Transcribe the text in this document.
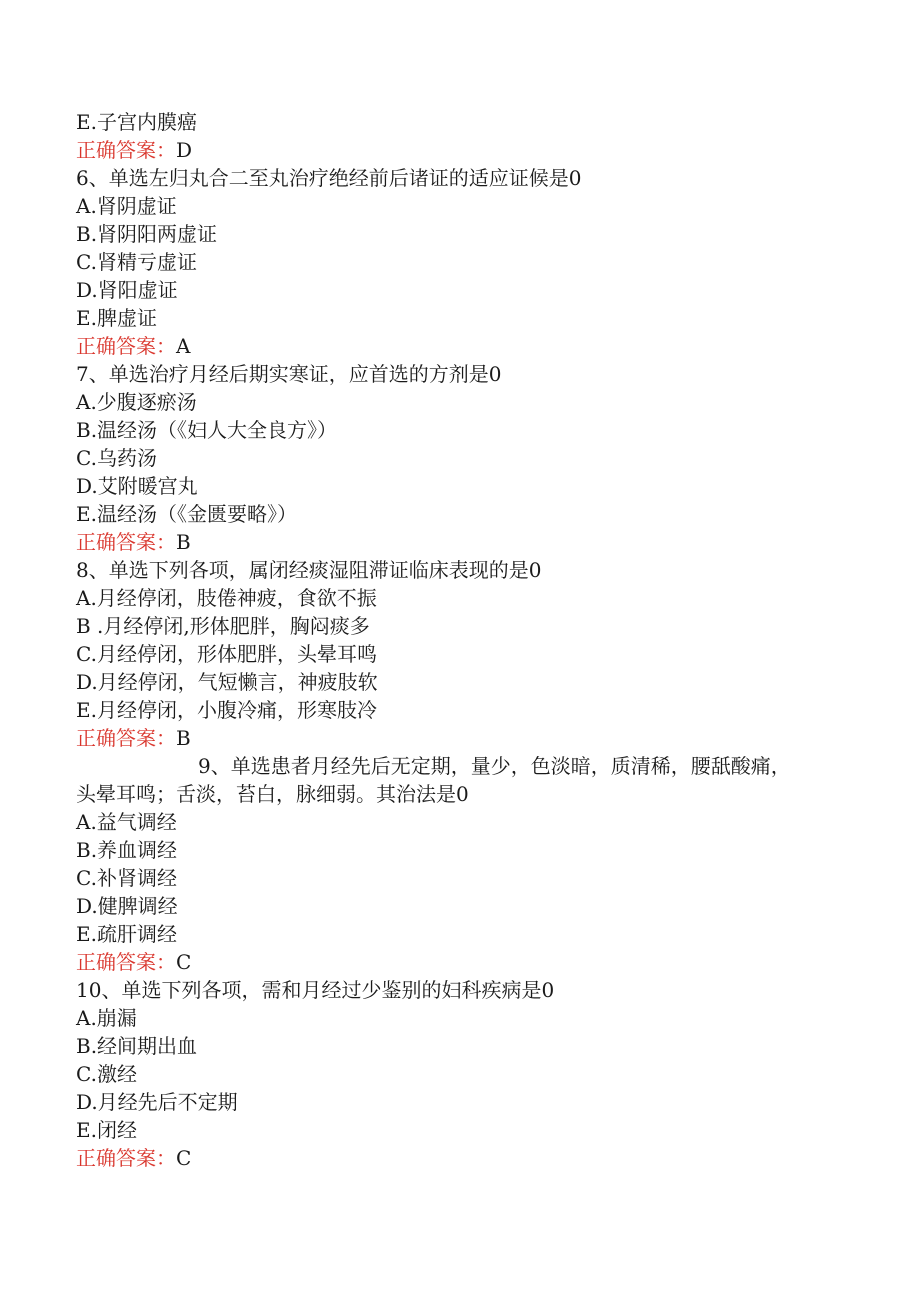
E.子宫内膜癌
正确答案：D
6、单选左归丸合二至丸治疗绝经前后诸证的适应证候是0
A.肾阴虚证
B.肾阴阳两虚证
C.肾精亏虚证
D.肾阳虚证
E.脾虚证
正确答案：A
7、单选治疗月经后期实寒证，应首选的方剂是0
A.少腹逐瘀汤
B.温经汤（《妇人大全良方》）
C.乌药汤
D.艾附暖宫丸
E.温经汤（《金匮要略》）
正确答案：B
8、单选下列各项，属闭经痰湿阻滞证临床表现的是0
A.月经停闭，肢倦神疲，食欲不振
B .月经停闭,形体肥胖，胸闷痰多
C.月经停闭，形体肥胖，头晕耳鸣
D.月经停闭，气短懒言，神疲肢软
E.月经停闭，小腹冷痛，形寒肢冷
正确答案：B
9、单选患者月经先后无定期，量少，色淡暗，质清稀，腰舐酸痛，头晕耳鸣；舌淡，苔白，脉细弱。其治法是0
A.益气调经
B.养血调经
C.补肾调经
D.健脾调经
E.疏肝调经
正确答案：C
10、单选下列各项，需和月经过少鉴别的妇科疾病是0
A.崩漏
B.经间期出血
C.激经
D.月经先后不定期
E.闭经
正确答案：C
